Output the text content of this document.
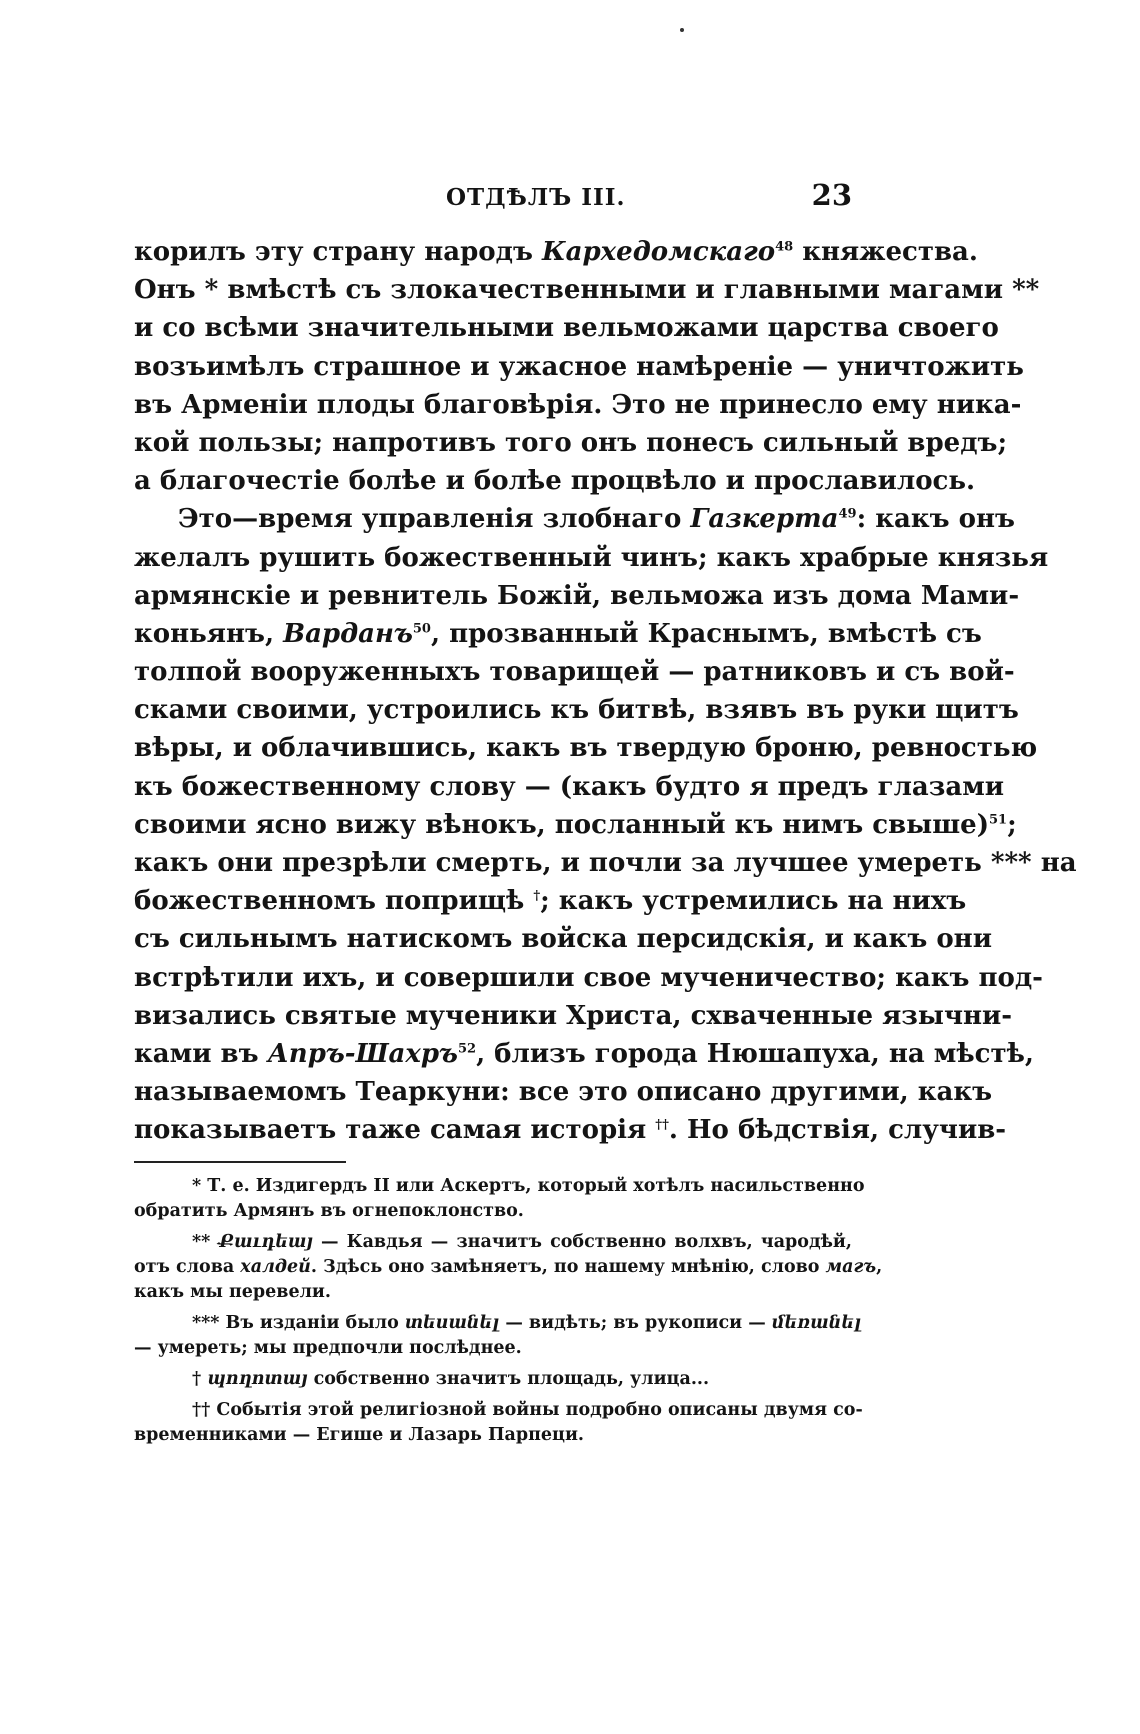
ОТДѢЛЪ III.	23
корилъ эту страну народъ Кархедомскаго$^{48}$ княжества.
Онъ * вмѣстѣ съ злокачественными и главными магами **
и со всѣми значительными вельможами царства своего
возъимѣлъ страшное и ужасное намѣреніе — уничтожить
въ Арменіи плоды благовѣрія. Это не принесло ему ника-
кой пользы; напротивъ того онъ понесъ сильный вредъ;
а благочестіе болѣе и болѣе процвѣло и прославилось.
Это—время управленія злобнаго Газкерта$^{49}$: какъ онъ
желалъ рушить божественный чинъ; какъ храбрые князья
армянскіе и ревнитель Божій, вельможа изъ дома Мами-
коньянъ, Варданъ$^{50}$, прозванный Краснымъ, вмѣстѣ съ
толпой вооруженныхъ товарищей — ратниковъ и съ вой-
сками своими, устроились къ битвѣ, взявъ въ руки щитъ
вѣры, и облачившись, какъ въ твердую броню, ревностью
къ божественному слову — (какъ будто я предъ глазами
своими ясно вижу вѣнокъ, посланный къ нимъ свыше)$^{51}$;
какъ они презрѣли смерть, и почли за лучшее умереть *** на
божественномъ поприщѣ †; какъ устремились на нихъ
съ сильнымъ натискомъ войска персидскія, и какъ они
встрѣтили ихъ, и совершили свое мученичество; какъ под-
визались святые мученики Христа, схваченные язычни-
ками въ Апръ-Шахръ$^{52}$, близъ города Нюшапуха, на мѣстѣ,
называемомъ Теаркуни: все это описано другими, какъ
показываетъ таже самая исторія ††. Но бѣдствія, случив-
* Т. е. Издигердъ II или Аскертъ, который хотѣлъ насильственно
обратить Армянъ въ огнепоклонство.
** Քաւդեայ — Кавдья — значитъ собственно волхвъ, чародѣй,
отъ слова халдей. Здѣсь оно замѣняетъ, по нашему мнѣнію, слово магъ,
какъ мы перевели.
*** Въ изданіи было տեսանել — видѣть; въ рукописи — մեռանել
— умереть; мы предпочли послѣднее.
† պողոտայ собственно значитъ площадь, улица...
†† Событія этой религіозной войны подробно описаны двумя со-
временниками — Егише и Лазарь Парпеци.
